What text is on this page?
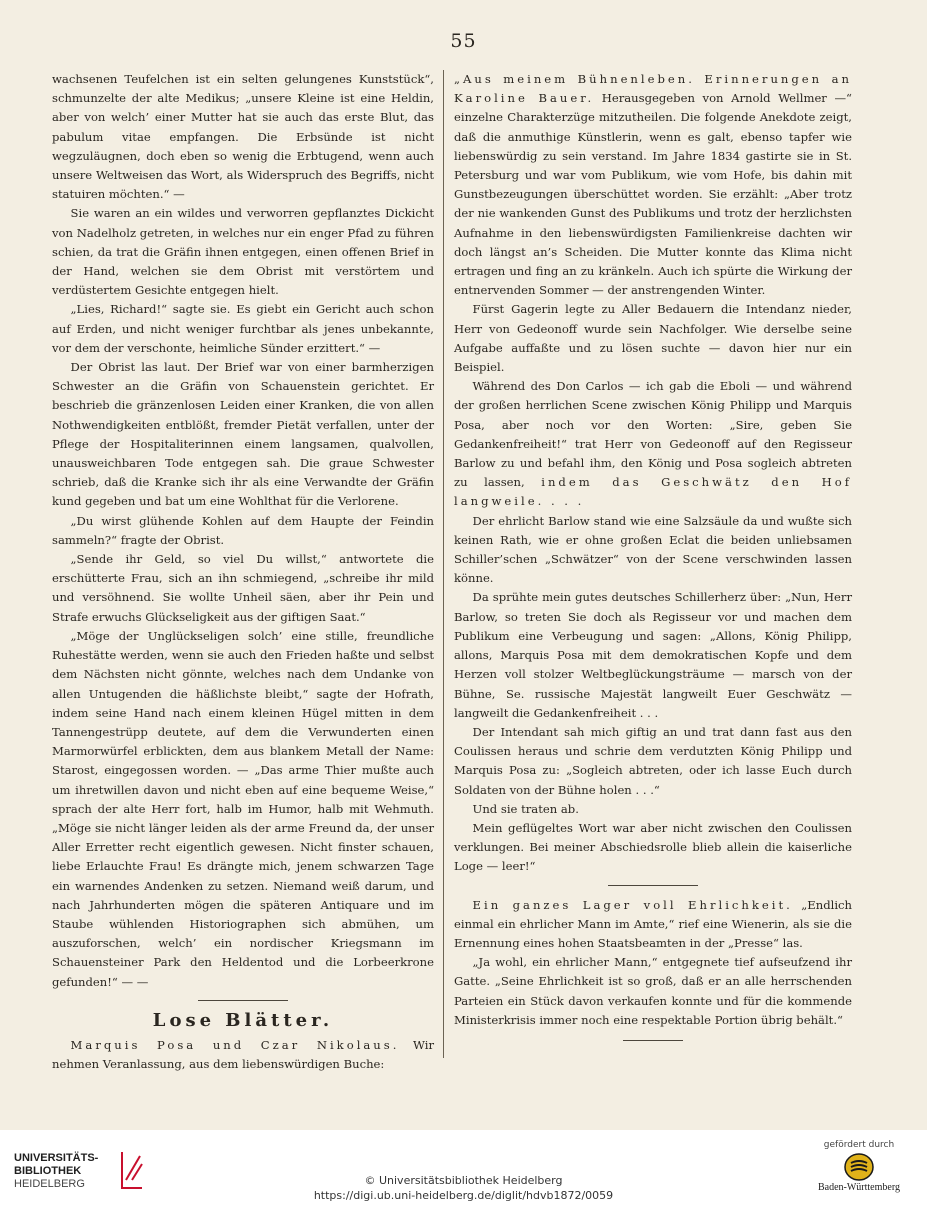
55

wachsenen Teufelchen ist ein selten gelungenes Kunststück“, schmunzelte der alte Medikus; „unsere Kleine ist eine Heldin, aber von welch’ einer Mutter hat sie auch das erste Blut, das pabulum vitae empfangen. Die Erbsünde ist nicht wegzuläugnen, doch eben so wenig die Erbtugend, wenn auch unsere Weltweisen das Wort, als Widerspruch des Begriffs, nicht statuiren möchten.“ —

Sie waren an ein wildes und verworren gepflanztes Dickicht von Nadelholz getreten, in welches nur ein enger Pfad zu führen schien, da trat die Gräfin ihnen entgegen, einen offenen Brief in der Hand, welchen sie dem Obrist mit verstörtem und verdüstertem Gesichte entgegen hielt.

„Lies, Richard!“ sagte sie. Es giebt ein Gericht auch schon auf Erden, und nicht weniger furchtbar als jenes unbekannte, vor dem der verschonte, heimliche Sünder erzittert.“ —

Der Obrist las laut. Der Brief war von einer barmherzigen Schwester an die Gräfin von Schauenstein gerichtet. Er beschrieb die gränzenlosen Leiden einer Kranken, die von allen Nothwendigkeiten entblößt, fremder Pietät verfallen, unter der Pflege der Hospitaliterinnen einem langsamen, qualvollen, unausweichbaren Tode entgegen sah. Die graue Schwester schrieb, daß die Kranke sich ihr als eine Verwandte der Gräfin kund gegeben und bat um eine Wohlthat für die Verlorene.

„Du wirst glühende Kohlen auf dem Haupte der Feindin sammeln?“ fragte der Obrist.

„Sende ihr Geld, so viel Du willst,“ antwortete die erschütterte Frau, sich an ihn schmiegend, „schreibe ihr mild und versöhnend. Sie wollte Unheil säen, aber ihr Pein und Strafe erwuchs Glückseligkeit aus der giftigen Saat.“

„Möge der Unglückseligen solch’ eine stille, freundliche Ruhestätte werden, wenn sie auch den Frieden haßte und selbst dem Nächsten nicht gönnte, welches nach dem Undanke von allen Untugenden die häßlichste bleibt,“ sagte der Hofrath, indem seine Hand nach einem kleinen Hügel mitten in dem Tannengestrüpp deutete, auf dem die Verwunderten einen Marmorwürfel erblickten, dem aus blankem Metall der Name: Starost, eingegossen worden. — „Das arme Thier mußte auch um ihretwillen davon und nicht eben auf eine bequeme Weise,“ sprach der alte Herr fort, halb im Humor, halb mit Wehmuth. „Möge sie nicht länger leiden als der arme Freund da, der unser Aller Erretter recht eigentlich gewesen. Nicht finster schauen, liebe Erlauchte Frau! Es drängte mich, jenem schwarzen Tage ein warnendes Andenken zu setzen. Niemand weiß darum, und nach Jahrhunderten mögen die späteren Antiquare und im Staube wühlenden Historiographen sich abmühen, um auszuforschen, welch’ ein nordischer Kriegsmann im Schauensteiner Park den Heldentod und die Lorbeerkrone gefunden!“ — —

Lose Blätter.

Marquis Posa und Czar Nikolaus. Wir nehmen Veranlassung, aus dem liebenswürdigen Buche:

„Aus meinem Bühnenleben. Erinnerungen an Karoline Bauer. Herausgegeben von Arnold Wellmer —“ einzelne Charakterzüge mitzutheilen. Die folgende Anekdote zeigt, daß die anmuthige Künstlerin, wenn es galt, ebenso tapfer wie liebenswürdig zu sein verstand. Im Jahre 1834 gastirte sie in St. Petersburg und war vom Publikum, wie vom Hofe, bis dahin mit Gunstbezeugungen überschüttet worden. Sie erzählt: „Aber trotz der nie wankenden Gunst des Publikums und trotz der herzlichsten Aufnahme in den liebenswürdigsten Familienkreise dachten wir doch längst an’s Scheiden. Die Mutter konnte das Klima nicht ertragen und fing an zu kränkeln. Auch ich spürte die Wirkung der entnervenden Sommer — der anstrengenden Winter.

Fürst Gagerin legte zu Aller Bedauern die Intendanz nieder, Herr von Gedeonoff wurde sein Nachfolger. Wie derselbe seine Aufgabe auffaßte und zu lösen suchte — davon hier nur ein Beispiel.

Während des Don Carlos — ich gab die Eboli — und während der großen herrlichen Scene zwischen König Philipp und Marquis Posa, aber noch vor den Worten: „Sire, geben Sie Gedankenfreiheit!“ trat Herr von Gedeonoff auf den Regisseur Barlow zu und befahl ihm, den König und Posa sogleich abtreten zu lassen, indem das Geschwätz den Hof langweile. . . .

Der ehrlicht Barlow stand wie eine Salzsäule da und wußte sich keinen Rath, wie er ohne großen Eclat die beiden unliebsamen Schiller’schen „Schwätzer“ von der Scene verschwinden lassen könne.

Da sprühte mein gutes deutsches Schillerherz über: „Nun, Herr Barlow, so treten Sie doch als Regisseur vor und machen dem Publikum eine Verbeugung und sagen: „Allons, König Philipp, allons, Marquis Posa mit dem demokratischen Kopfe und dem Herzen voll stolzer Weltbeglückungsträume — marsch von der Bühne, Se. russische Majestät langweilt Euer Geschwätz — langweilt die Gedankenfreiheit . . .

Der Intendant sah mich giftig an und trat dann fast aus den Coulissen heraus und schrie dem verdutzten König Philipp und Marquis Posa zu: „Sogleich abtreten, oder ich lasse Euch durch Soldaten von der Bühne holen . . .“

Und sie traten ab.

Mein geflügeltes Wort war aber nicht zwischen den Coulissen verklungen. Bei meiner Abschiedsrolle blieb allein die kaiserliche Loge — leer!“

Ein ganzes Lager voll Ehrlichkeit. „Endlich einmal ein ehrlicher Mann im Amte,“ rief eine Wienerin, als sie die Ernennung eines hohen Staatsbeamten in der „Presse“ las.

„Ja wohl, ein ehrlicher Mann,“ entgegnete tief aufseufzend ihr Gatte. „Seine Ehrlichkeit ist so groß, daß er an alle herrschenden Parteien ein Stück davon verkaufen konnte und für die kommende Ministerkrisis immer noch eine respektable Portion übrig behält.“

UNIVERSITÄTS-
BIBLIOTHEK
HEIDELBERG	© Universitätsbibliothek Heidelberg
https://digi.ub.uni-heidelberg.de/diglit/hdvb1872/0059
gefördert durch
Baden-Württemberg
